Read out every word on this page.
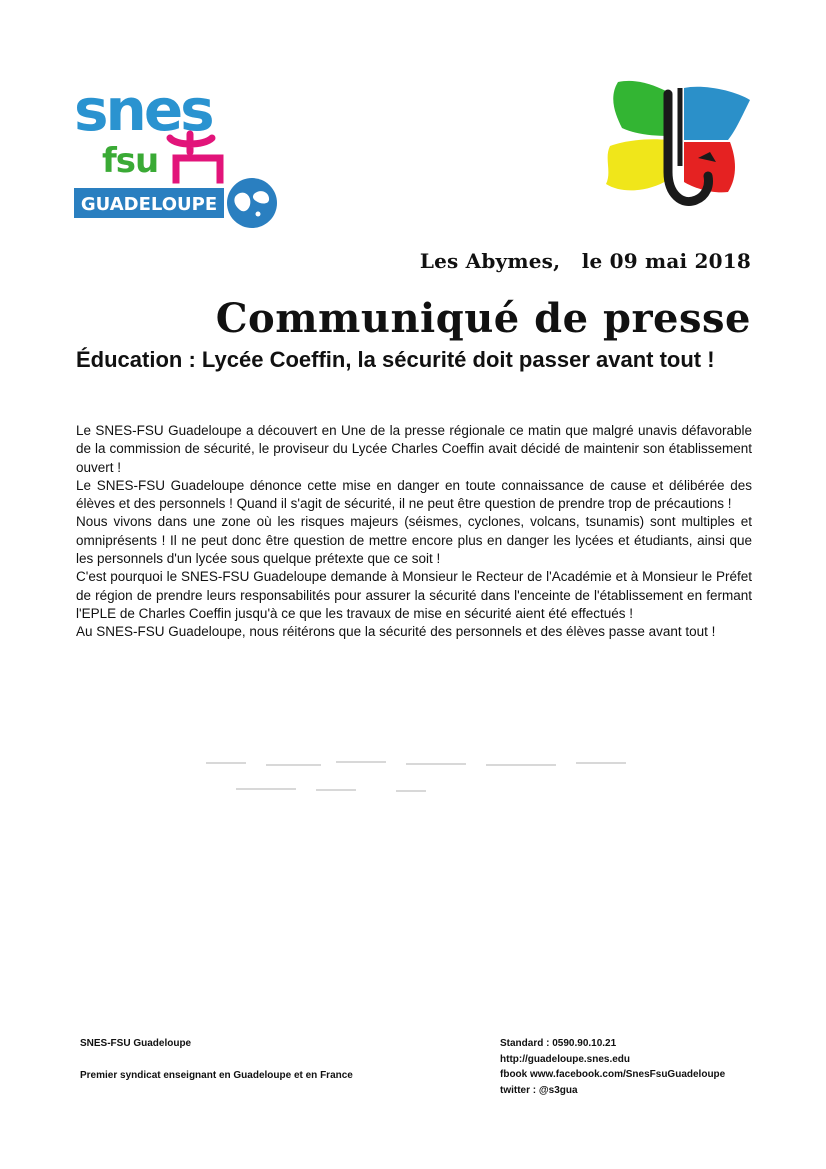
snes
fsu
GUADELOUPE
Les Abymes,   le 09 mai 2018
Communiqué de presse
Éducation : Lycée Coeffin, la sécurité doit passer avant tout !

Le SNES-FSU Guadeloupe a découvert en Une de la presse régionale ce matin que malgré unavis défavorable de la commission de sécurité, le proviseur du Lycée Charles Coeffin avait décidé de maintenir son établissement ouvert !

Le SNES-FSU Guadeloupe dénonce cette mise en danger en toute connaissance de cause et délibérée des élèves et des personnels ! Quand il s'agit de sécurité, il ne peut être question de prendre trop de précautions !

Nous vivons dans une zone où les risques majeurs (séismes, cyclones, volcans, tsunamis) sont multiples et omniprésents ! Il ne peut donc être question de mettre encore plus en danger les lycées et étudiants, ainsi que les personnels d'un lycée sous quelque prétexte que ce soit !

C'est pourquoi le SNES-FSU Guadeloupe demande à Monsieur le Recteur de l'Académie et à Monsieur le Préfet de région de prendre leurs responsabilités pour assurer la sécurité dans l'enceinte de l'établissement en fermant l'EPLE de Charles Coeffin jusqu'à ce que les travaux de mise en sécurité aient été effectués !

Au SNES-FSU Guadeloupe, nous réitérons que la sécurité des personnels et des élèves passe avant tout !

SNES-FSU Guadeloupe
Premier syndicat enseignant en Guadeloupe et en France
Standard : 0590.90.10.21
http://guadeloupe.snes.edu
fbook www.facebook.com/SnesFsuGuadeloupe
twitter : @s3gua
